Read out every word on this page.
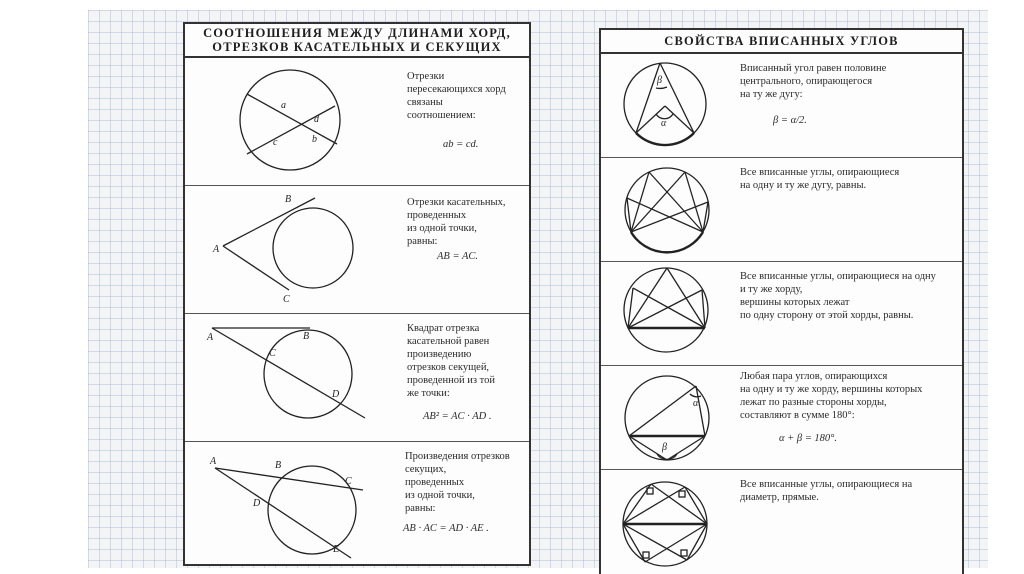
СООТНОШЕНИЯ МЕЖДУ ДЛИНАМИ ХОРД,
ОТРЕЗКОВ КАСАТЕЛЬНЫХ И СЕКУЩИХ
a
b
c
d
Отрезки
пересекающихся хорд
связаны
соотношением:
ab = cd.
A
B
C
Отрезки касательных,
проведенных
из одной точки,
равны:
AB = AC.
A	B
C
D
Квадрат отрезка
касательной равен
произведению
отрезков секущей,
проведенной из той
же точки:
AB² = AC · AD .
A	B
C
D
E
Произведения отрезков
секущих,
проведенных
из одной точки,
равны:
AB · AC = AD · AE .
СВОЙСТВА ВПИСАННЫХ УГЛОВ
β
α
Вписанный угол равен половине
центрального, опирающегося
на ту же дугу:
β = α/2.
Все вписанные углы, опирающиеся
на одну и ту же дугу, равны.
Все вписанные углы, опирающиеся на одну
и ту же хорду,
вершины которых лежат
по одну сторону от этой хорды, равны.
α
β
Любая пара углов, опирающихся
на одну и ту же хорду, вершины которых
лежат по разные стороны хорды,
составляют в сумме 180°:
α + β = 180°.
Все вписанные углы, опирающиеся на
диаметр, прямые.
